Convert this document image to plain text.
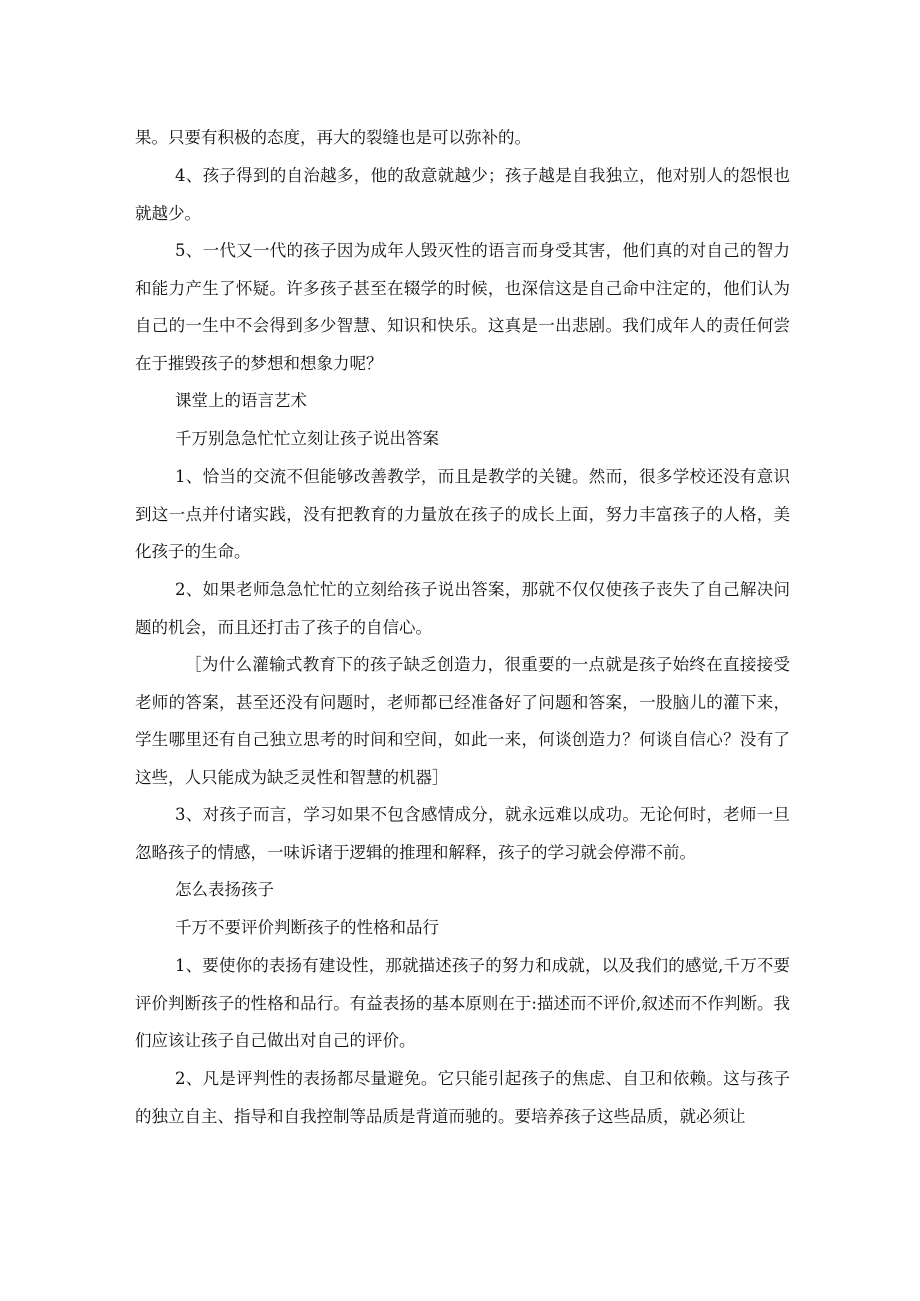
果。只要有积极的态度，再大的裂缝也是可以弥补的。

4、孩子得到的自治越多，他的敌意就越少；孩子越是自我独立，他对别人的怨恨也就越少。

5、一代又一代的孩子因为成年人毁灭性的语言而身受其害，他们真的对自己的智力和能力产生了怀疑。许多孩子甚至在辍学的时候，也深信这是自己命中注定的，他们认为自己的一生中不会得到多少智慧、知识和快乐。这真是一出悲剧。我们成年人的责任何尝在于摧毁孩子的梦想和想象力呢？

课堂上的语言艺术

千万别急急忙忙立刻让孩子说出答案

1、恰当的交流不但能够改善教学，而且是教学的关键。然而，很多学校还没有意识到这一点并付诸实践，没有把教育的力量放在孩子的成长上面，努力丰富孩子的人格，美化孩子的生命。

2、如果老师急急忙忙的立刻给孩子说出答案，那就不仅仅使孩子丧失了自己解决问题的机会，而且还打击了孩子的自信心。

［为什么灌输式教育下的孩子缺乏创造力，很重要的一点就是孩子始终在直接接受老师的答案，甚至还没有问题时，老师都已经准备好了问题和答案，一股脑儿的灌下来，学生哪里还有自己独立思考的时间和空间，如此一来，何谈创造力？何谈自信心？没有了这些，人只能成为缺乏灵性和智慧的机器］

3、对孩子而言，学习如果不包含感情成分，就永远难以成功。无论何时，老师一旦忽略孩子的情感，一味诉诸于逻辑的推理和解释，孩子的学习就会停滞不前。

怎么表扬孩子

千万不要评价判断孩子的性格和品行

1、要使你的表扬有建设性，那就描述孩子的努力和成就，以及我们的感觉,千万不要评价判断孩子的性格和品行。有益表扬的基本原则在于:描述而不评价,叙述而不作判断。我们应该让孩子自己做出对自己的评价。

2、凡是评判性的表扬都尽量避免。它只能引起孩子的焦虑、自卫和依赖。这与孩子的独立自主、指导和自我控制等品质是背道而驰的。要培养孩子这些品质，就必须让
